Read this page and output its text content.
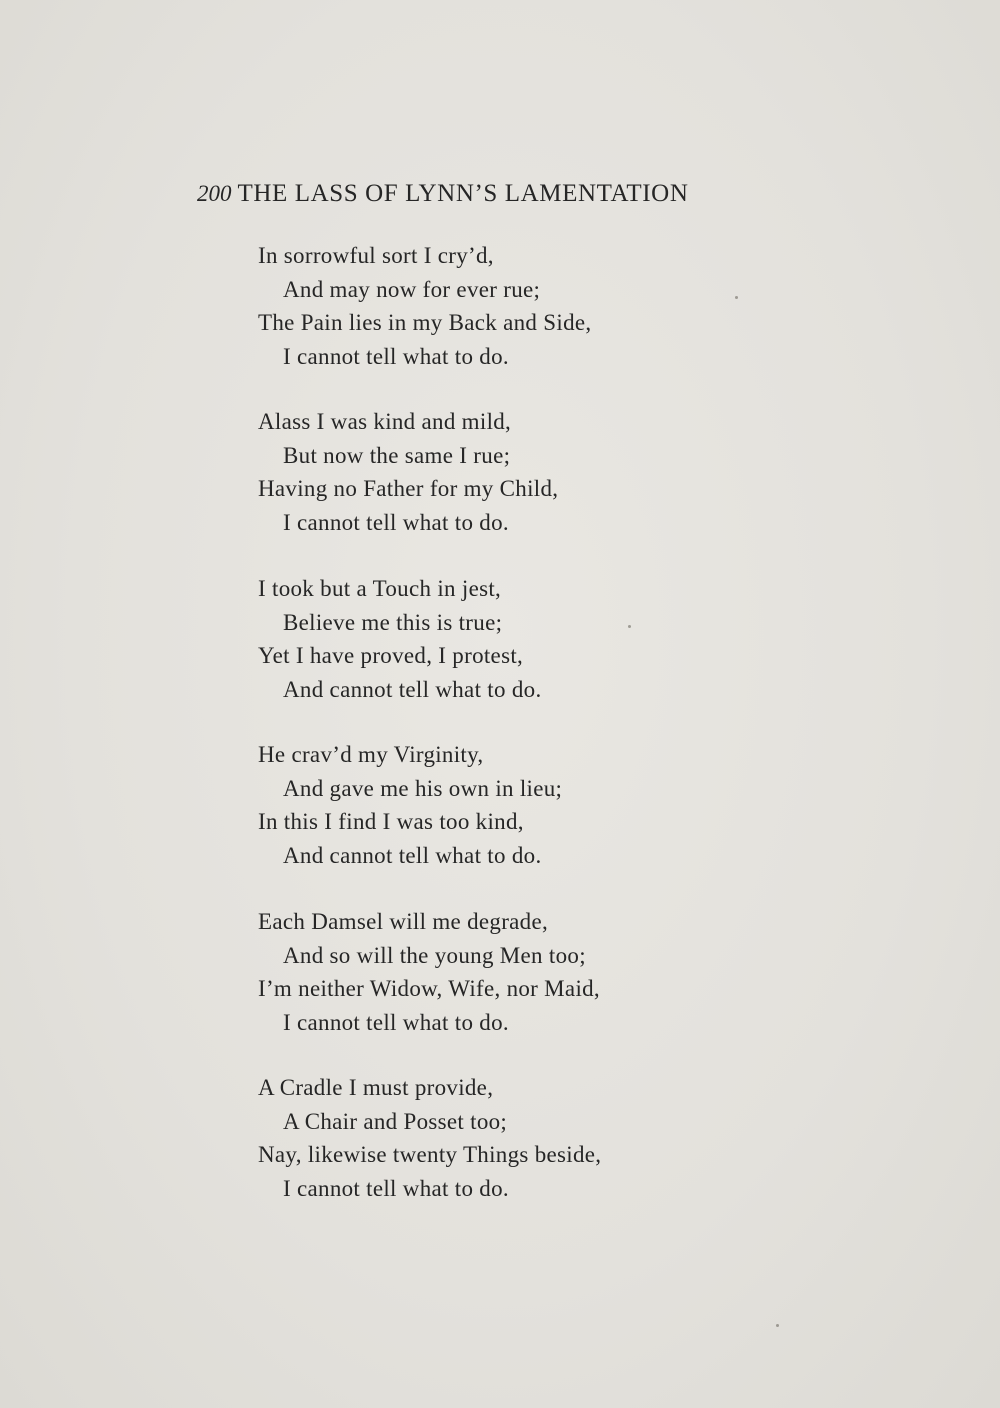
200 THE LASS OF LYNN’S LAMENTATION
In sorrowful sort I cry’d,
And may now for ever rue;
The Pain lies in my Back and Side,
I cannot tell what to do.
Alass I was kind and mild,
But now the same I rue;
Having no Father for my Child,
I cannot tell what to do.
I took but a Touch in jest,
Believe me this is true;
Yet I have proved, I protest,
And cannot tell what to do.
He crav’d my Virginity,
And gave me his own in lieu;
In this I find I was too kind,
And cannot tell what to do.
Each Damsel will me degrade,
And so will the young Men too;
I’m neither Widow, Wife, nor Maid,
I cannot tell what to do.
A Cradle I must provide,
A Chair and Posset too;
Nay, likewise twenty Things beside,
I cannot tell what to do.
